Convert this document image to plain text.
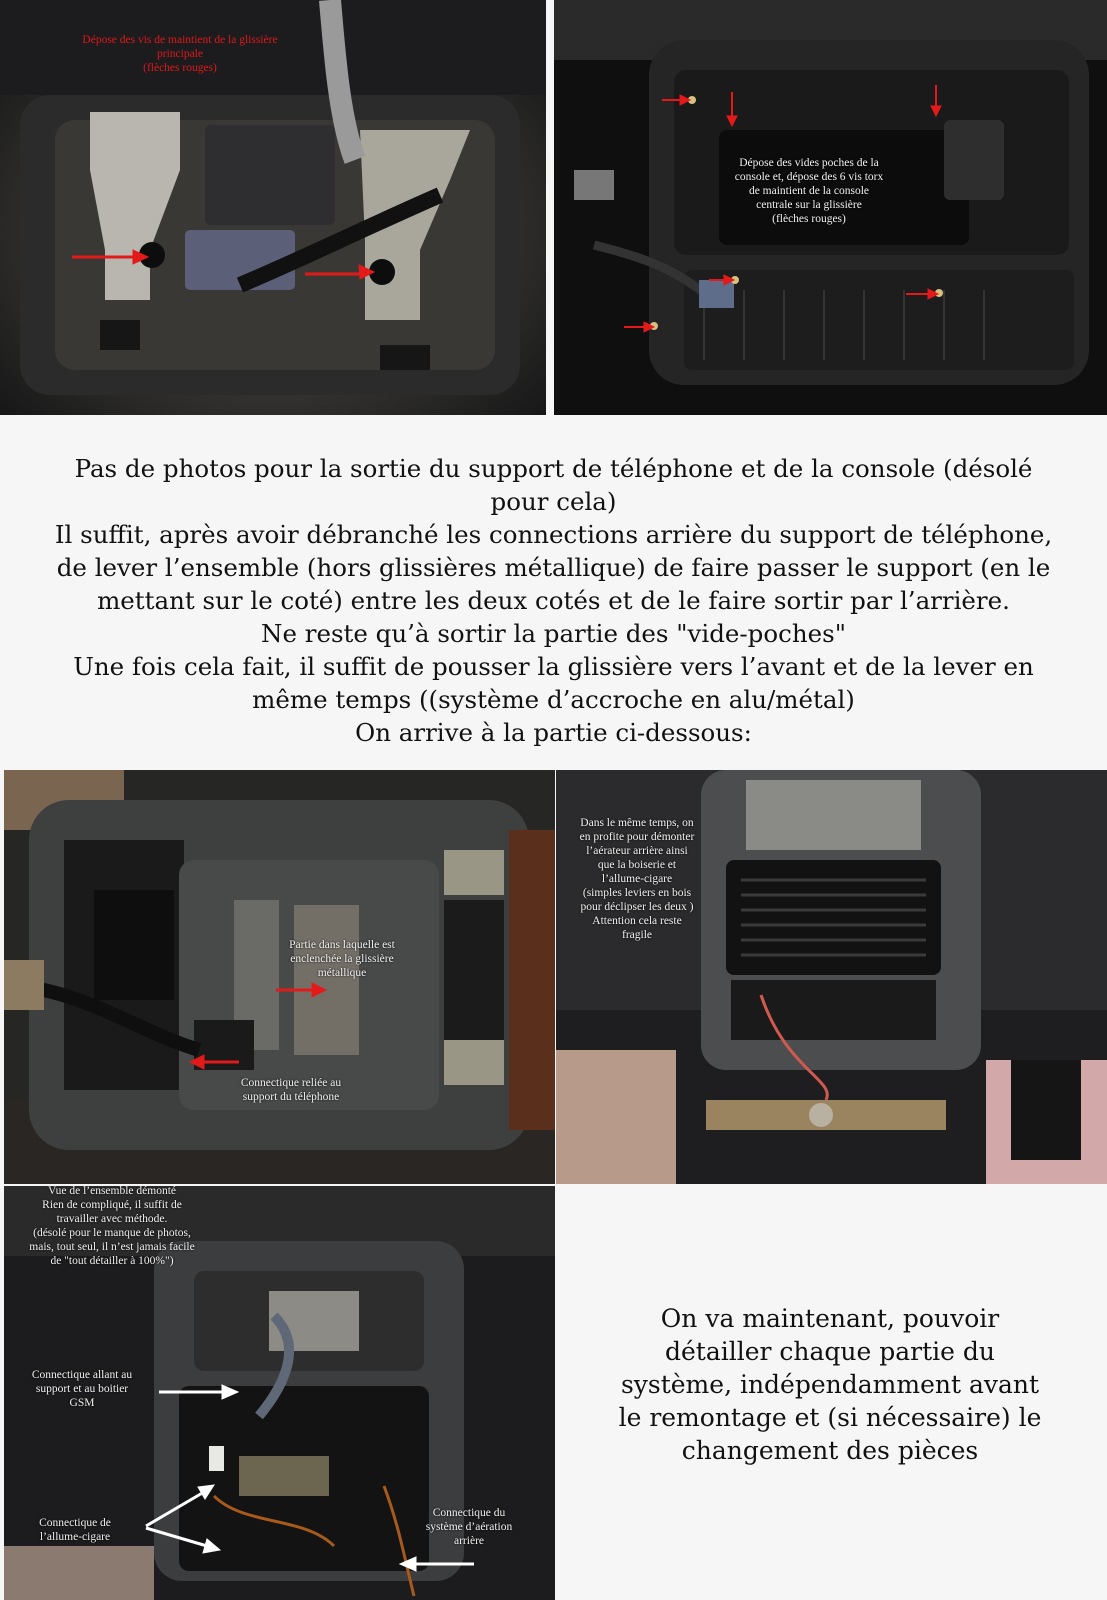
Dépose des vis de maintient de la glissière
principale
(flèches rouges)
Dépose des vides poches de la
console et, dépose des 6 vis torx
de maintient de la console
centrale sur la glissière
(flèches rouges)
Pas de photos pour la sortie du support de téléphone et de la console (désolé
pour cela)
Il suffit, après avoir débranché les connections arrière du support de téléphone,
de lever l’ensemble (hors glissières métallique) de faire passer le support (en le
mettant sur le coté) entre les deux cotés et de le faire sortir par l’arrière.
Ne reste qu’à sortir la partie des "vide-poches"
Une fois cela fait, il suffit de pousser la glissière vers l’avant et de la lever en
même temps ((système d’accroche en alu/métal)
On arrive à la partie ci-dessous:
Partie dans laquelle est
enclenchée la glissière
métallique
Connectique reliée au
support du téléphone
Dans le même temps, on
en profite pour démonter
l’aérateur arrière ainsi
que la boiserie et
l’allume-cigare
(simples leviers en bois
pour déclipser les deux )
Attention cela reste
fragile
Vue de l’ensemble démonté
Rien de compliqué, il suffit de
travailler avec méthode.
(désolé pour le manque de photos,
mais, tout seul, il n’est jamais facile
de "tout détailler à 100%")
Connectique allant au
support et au boitier
GSM
Connectique de
l’allume-cigare
Connectique du
système d’aération
arrière
On va maintenant, pouvoir
détailler chaque partie du
système, indépendamment avant
le remontage et (si nécessaire) le
changement des pièces
